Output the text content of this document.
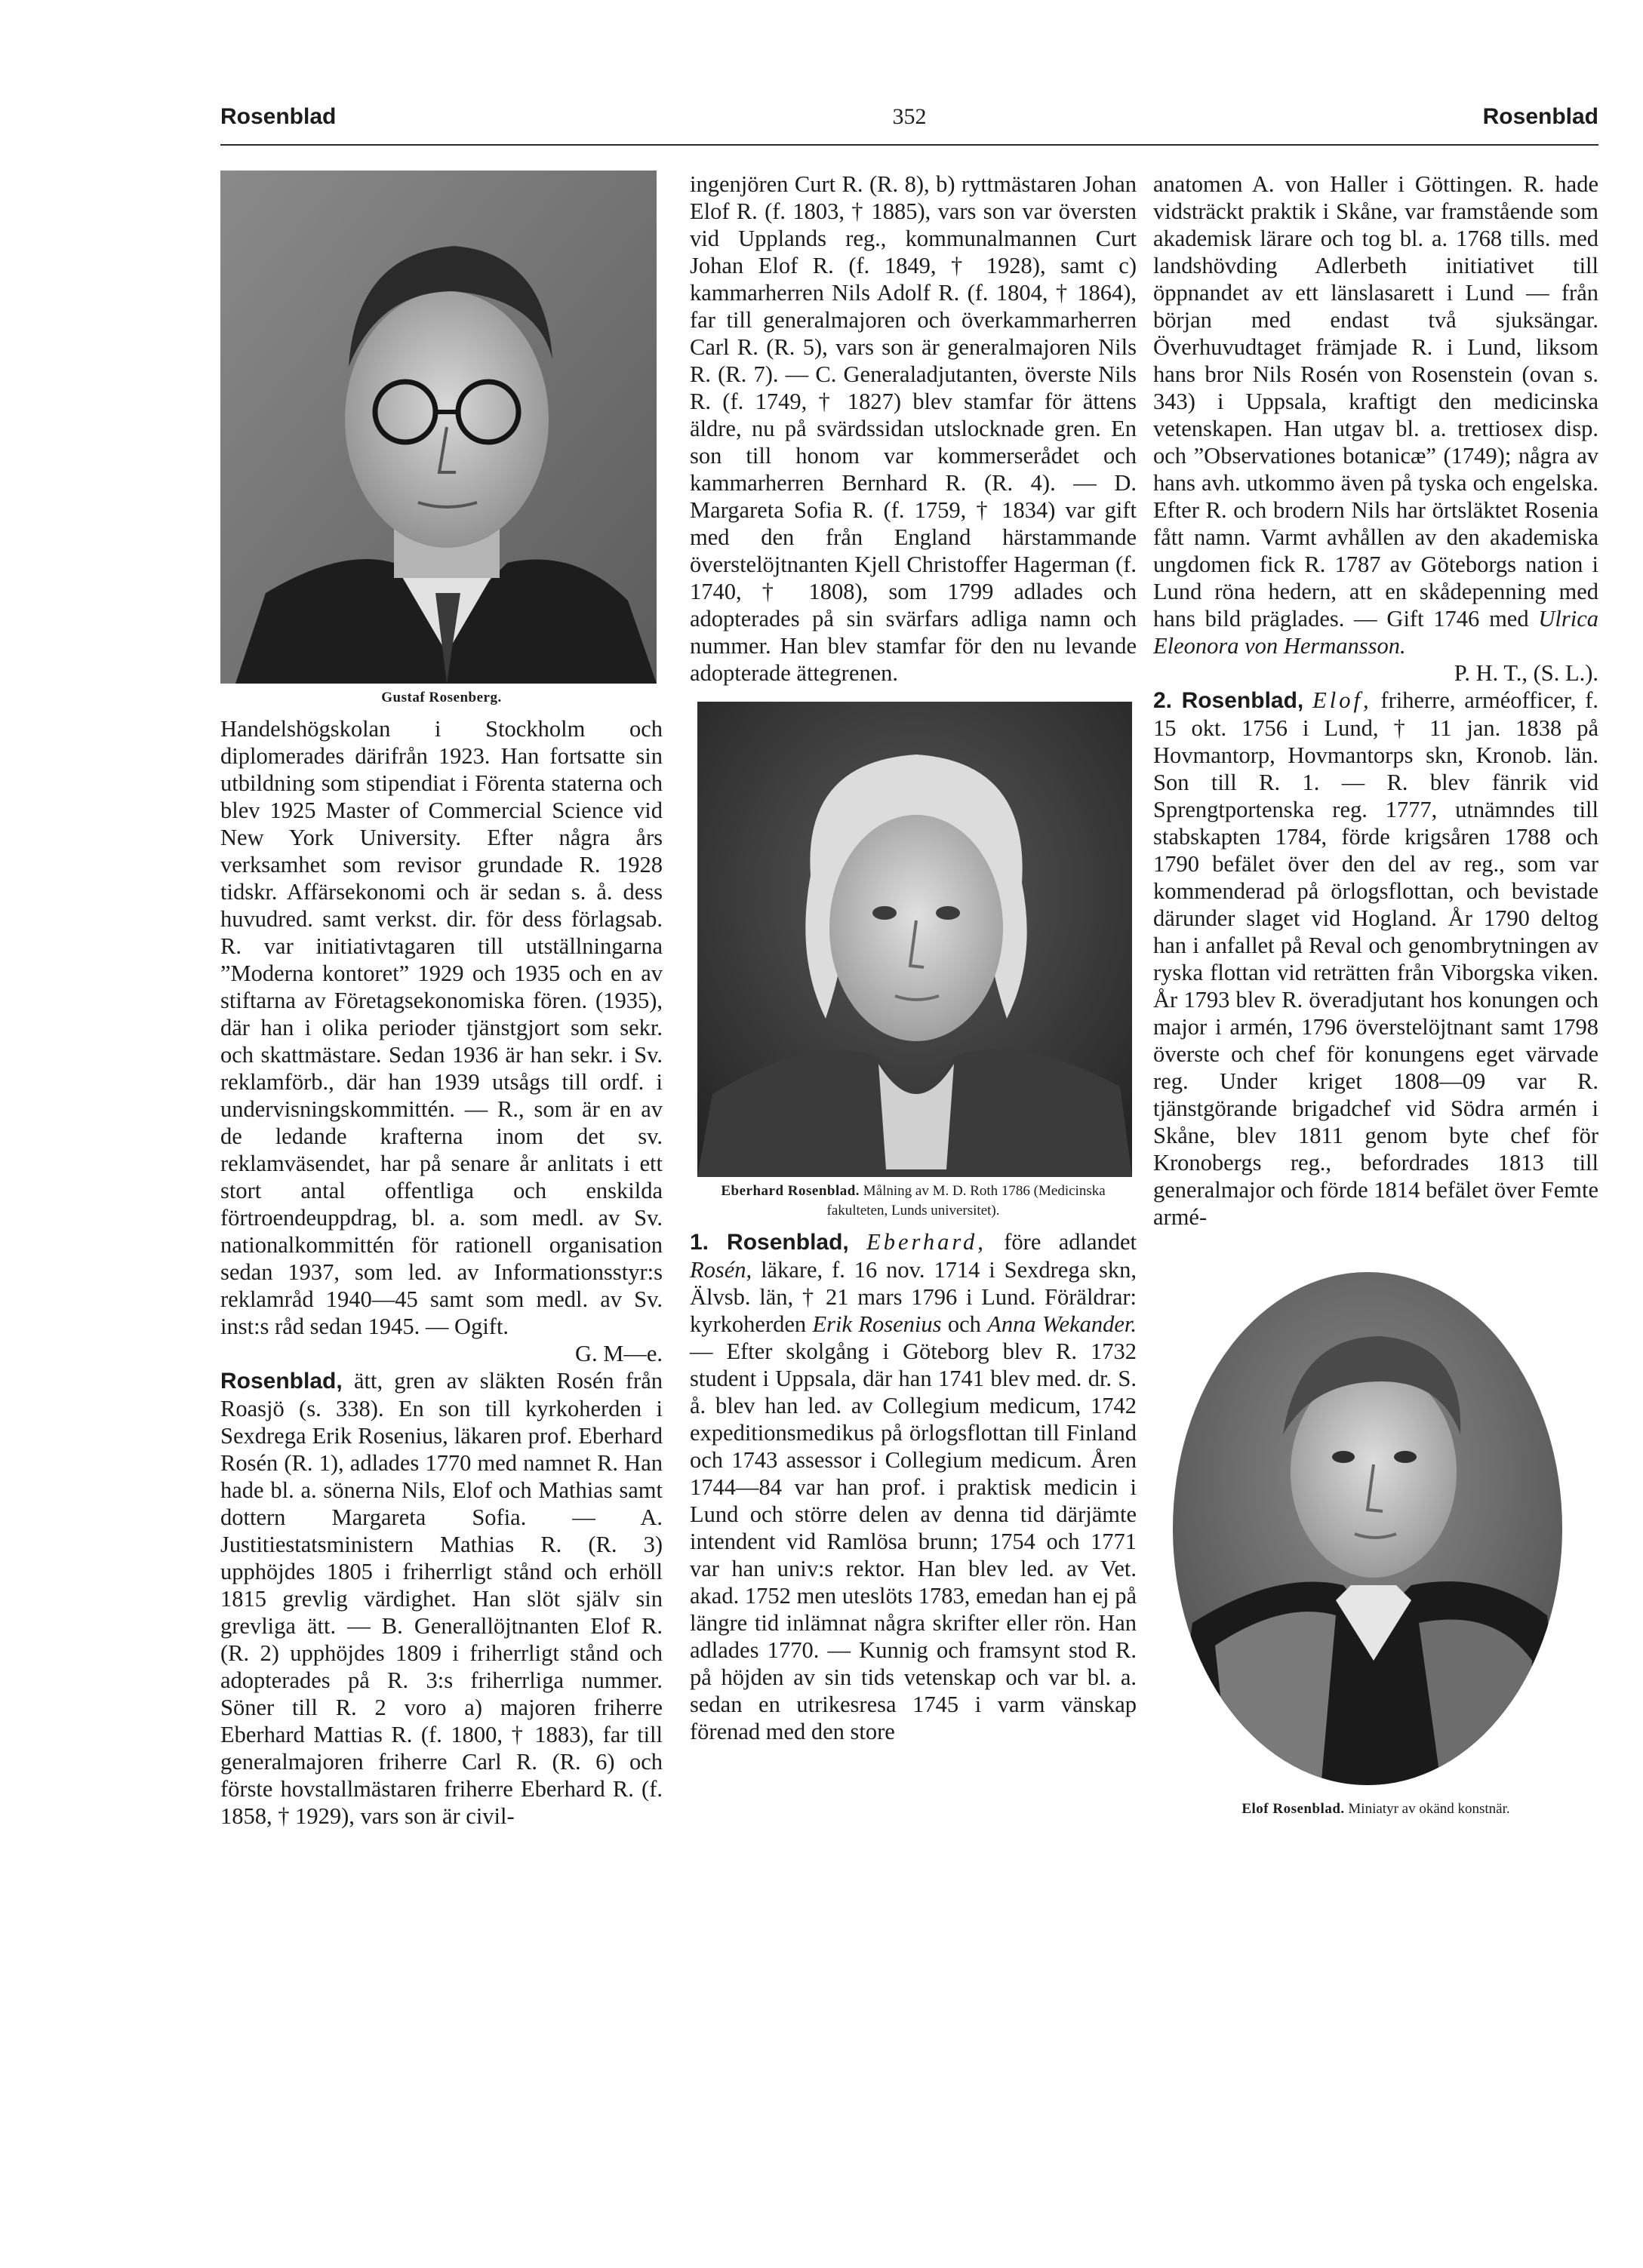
Rosenblad	352	Rosenblad
Gustaf Rosenberg.

Handelshögskolan i Stockholm och diplomerades därifrån 1923. Han fortsatte sin utbildning som stipendiat i Förenta staterna och blev 1925 Master of Commercial Science vid New York University. Efter några års verksamhet som revisor grundade R. 1928 tidskr. Affärsekonomi och är sedan s. å. dess huvudred. samt verkst. dir. för dess förlagsab. R. var initiativtagaren till utställningarna ”Moderna kontoret” 1929 och 1935 och en av stiftarna av Företagsekonomiska fören. (1935), där han i olika perioder tjänstgjort som sekr. och skattmästare. Sedan 1936 är han sekr. i Sv. reklamförb., där han 1939 utsågs till ordf. i undervisningskommittén. — R., som är en av de ledande krafterna inom det sv. reklamväsendet, har på senare år anlitats i ett stort antal offentliga och enskilda förtroendeuppdrag, bl. a. som medl. av Sv. nationalkommittén för rationell organisation sedan 1937, som led. av Informationsstyr:s reklamråd 1940—45 samt som medl. av Sv. inst:s råd sedan 1945. — Ogift.

G. M—e.

Rosenblad, ätt, gren av släkten Rosén från Roasjö (s. 338). En son till kyrkoherden i Sexdrega Erik Rosenius, läkaren prof. Eberhard Rosén (R. 1), adlades 1770 med namnet R. Han hade bl. a. sönerna Nils, Elof och Mathias samt dottern Margareta Sofia. — A. Justitiestatsministern Mathias R. (R. 3) upphöjdes 1805 i friherrligt stånd och erhöll 1815 grevlig värdighet. Han slöt själv sin grevliga ätt. — B. Generallöjtnanten Elof R. (R. 2) upphöjdes 1809 i friherrligt stånd och adopterades på R. 3:s friherrliga nummer. Söner till R. 2 voro a) majoren friherre Eberhard Mattias R. (f. 1800, † 1883), far till generalmajoren friherre Carl R. (R. 6) och förste hovstallmästaren friherre Eberhard R. (f. 1858, † 1929), vars son är civil-

ingenjören Curt R. (R. 8), b) ryttmästaren Johan Elof R. (f. 1803, † 1885), vars son var översten vid Upplands reg., kommunalmannen Curt Johan Elof R. (f. 1849, † 1928), samt c) kammarherren Nils Adolf R. (f. 1804, † 1864), far till generalmajoren och överkammarherren Carl R. (R. 5), vars son är generalmajoren Nils R. (R. 7). — C. Generaladjutanten, överste Nils R. (f. 1749, † 1827) blev stamfar för ättens äldre, nu på svärdssidan utslocknade gren. En son till honom var kommerserådet och kammarherren Bernhard R. (R. 4). — D. Margareta Sofia R. (f. 1759, † 1834) var gift med den från England härstammande överstelöjtnanten Kjell Christoffer Hagerman (f. 1740, † 1808), som 1799 adlades och adopterades på sin svärfars adliga namn och nummer. Han blev stamfar för den nu levande adopterade ättegrenen.

Eberhard Rosenblad. Målning av M. D. Roth 1786 (Medicinska fakulteten, Lunds universitet).

1. Rosenblad, Eberhard, före adlandet Rosén, läkare, f. 16 nov. 1714 i Sexdrega skn, Älvsb. län, † 21 mars 1796 i Lund. Föräldrar: kyrkoherden Erik Rosenius och Anna Wekander. — Efter skolgång i Göteborg blev R. 1732 student i Uppsala, där han 1741 blev med. dr. S. å. blev han led. av Collegium medicum, 1742 expeditionsmedikus på örlogsflottan till Finland och 1743 assessor i Collegium medicum. Åren 1744—84 var han prof. i praktisk medicin i Lund och större delen av denna tid därjämte intendent vid Ramlösa brunn; 1754 och 1771 var han univ:s rektor. Han blev led. av Vet. akad. 1752 men uteslöts 1783, emedan han ej på längre tid inlämnat några skrifter eller rön. Han adlades 1770. — Kunnig och framsynt stod R. på höjden av sin tids vetenskap och var bl. a. sedan en utrikesresa 1745 i varm vänskap förenad med den store

anatomen A. von Haller i Göttingen. R. hade vidsträckt praktik i Skåne, var framstående som akademisk lärare och tog bl. a. 1768 tills. med landshövding Adlerbeth initiativet till öppnandet av ett länslasarett i Lund — från början med endast två sjuksängar. Överhuvudtaget främjade R. i Lund, liksom hans bror Nils Rosén von Rosenstein (ovan s. 343) i Uppsala, kraftigt den medicinska vetenskapen. Han utgav bl. a. trettiosex disp. och ”Observationes botanicæ” (1749); några av hans avh. utkommo även på tyska och engelska. Efter R. och brodern Nils har örtsläktet Rosenia fått namn. Varmt avhållen av den akademiska ungdomen fick R. 1787 av Göteborgs nation i Lund röna hedern, att en skådepenning med hans bild präglades. — Gift 1746 med Ulrica Eleonora von Hermansson.

P. H. T., (S. L.).

2. Rosenblad, Elof, friherre, arméofficer, f. 15 okt. 1756 i Lund, † 11 jan. 1838 på Hovmantorp, Hovmantorps skn, Kronob. län. Son till R. 1. — R. blev fänrik vid Sprengtportenska reg. 1777, utnämndes till stabskapten 1784, förde krigsåren 1788 och 1790 befälet över den del av reg., som var kommenderad på örlogsflottan, och bevistade därunder slaget vid Hogland. År 1790 deltog han i anfallet på Reval och genombrytningen av ryska flottan vid reträtten från Viborgska viken. År 1793 blev R. överadjutant hos konungen och major i armén, 1796 överstelöjtnant samt 1798 överste och chef för konungens eget värvade reg. Under kriget 1808—09 var R. tjänstgörande brigadchef vid Södra armén i Skåne, blev 1811 genom byte chef för Kronobergs reg., befordrades 1813 till generalmajor och förde 1814 befälet över Femte armé-

Elof Rosenblad. Miniatyr av okänd konstnär.
